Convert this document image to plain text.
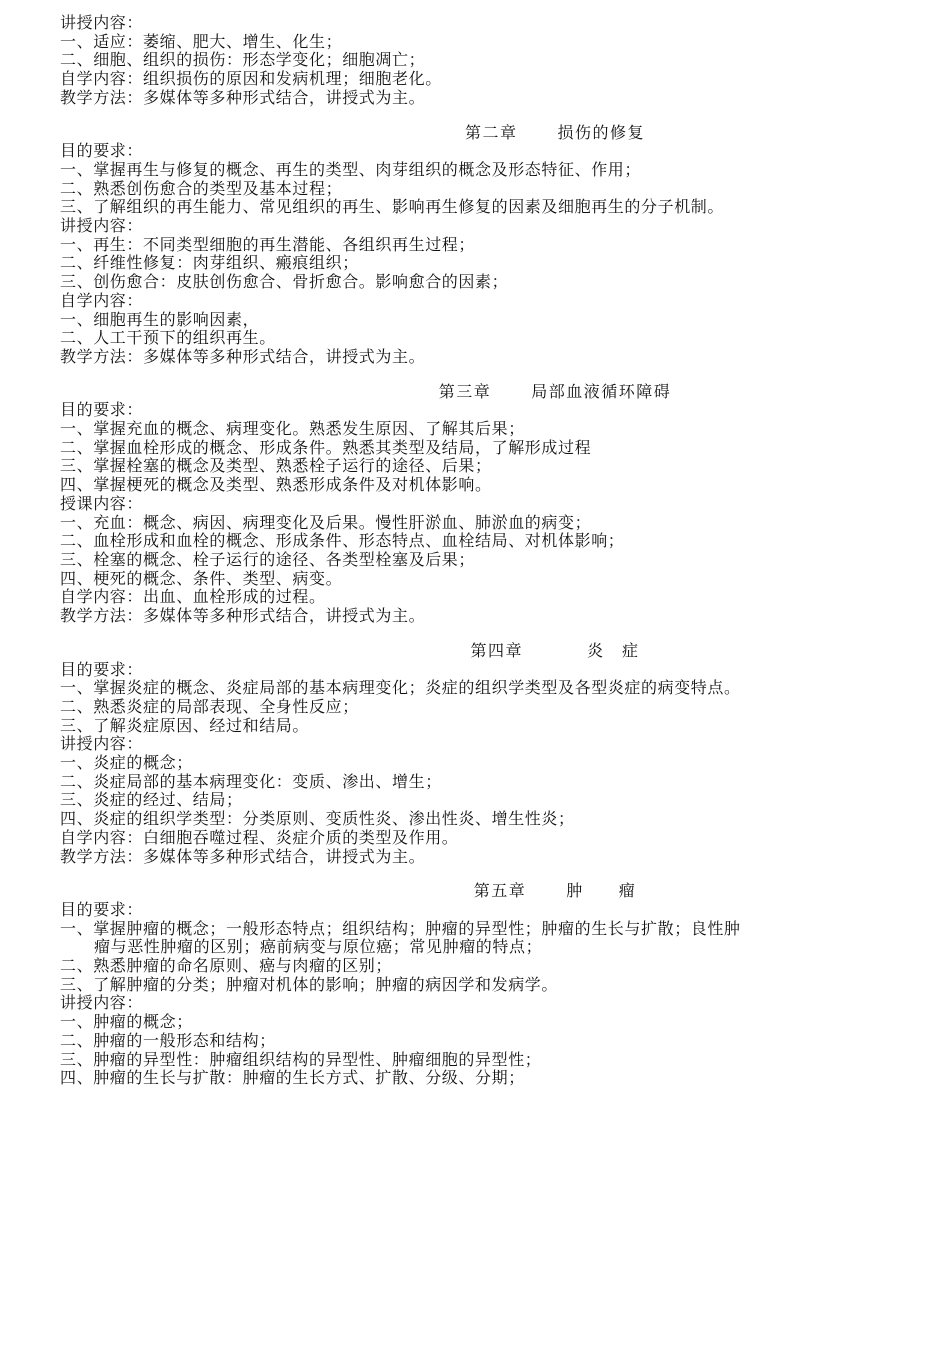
讲授内容：
一、适应：萎缩、肥大、增生、化生；
二、细胞、组织的损伤：形态学变化；细胞凋亡；
自学内容：组织损伤的原因和发病机理；细胞老化。
教学方法：多媒体等多种形式结合，讲授式为主。
第二章	损伤的修复
目的要求：
一、掌握再生与修复的概念、再生的类型、肉芽组织的概念及形态特征、作用；
二、熟悉创伤愈合的类型及基本过程；
三、了解组织的再生能力、常见组织的再生、影响再生修复的因素及细胞再生的分子机制。
讲授内容：
一、再生：不同类型细胞的再生潜能、各组织再生过程；
二、纤维性修复：肉芽组织、瘢痕组织；
三、创伤愈合：皮肤创伤愈合、骨折愈合。影响愈合的因素；
自学内容：
一、细胞再生的影响因素，
二、人工干预下的组织再生。
教学方法：多媒体等多种形式结合，讲授式为主。
第三章	局部血液循环障碍
目的要求：
一、掌握充血的概念、病理变化。熟悉发生原因、了解其后果；
二、掌握血栓形成的概念、形成条件。熟悉其类型及结局，了解形成过程
三、掌握栓塞的概念及类型、熟悉栓子运行的途径、后果；
四、掌握梗死的概念及类型、熟悉形成条件及对机体影响。
授课内容：
一、充血：概念、病因、病理变化及后果。慢性肝淤血、肺淤血的病变；
二、血栓形成和血栓的概念、形成条件、形态特点、血栓结局、对机体影响；
三、栓塞的概念、栓子运行的途径、各类型栓塞及后果；
四、梗死的概念、条件、类型、病变。
自学内容：出血、血栓形成的过程。
教学方法：多媒体等多种形式结合，讲授式为主。
第四章	炎　症
目的要求：
一、掌握炎症的概念、炎症局部的基本病理变化；炎症的组织学类型及各型炎症的病变特点。
二、熟悉炎症的局部表现、全身性反应；
三、了解炎症原因、经过和结局。
讲授内容：
一、炎症的概念；
二、炎症局部的基本病理变化：变质、渗出、增生；
三、炎症的经过、结局；
四、炎症的组织学类型：分类原则、变质性炎、渗出性炎、增生性炎；
自学内容：白细胞吞噬过程、炎症介质的类型及作用。
教学方法：多媒体等多种形式结合，讲授式为主。
第五章	肿　　瘤
目的要求：
一、掌握肿瘤的概念；一般形态特点；组织结构；肿瘤的异型性；肿瘤的生长与扩散；良性肿
瘤与恶性肿瘤的区别；癌前病变与原位癌；常见肿瘤的特点；
二、熟悉肿瘤的命名原则、癌与肉瘤的区别；
三、了解肿瘤的分类；肿瘤对机体的影响；肿瘤的病因学和发病学。
讲授内容：
一、肿瘤的概念；
二、肿瘤的一般形态和结构；
三、肿瘤的异型性：肿瘤组织结构的异型性、肿瘤细胞的异型性；
四、肿瘤的生长与扩散：肿瘤的生长方式、扩散、分级、分期；
